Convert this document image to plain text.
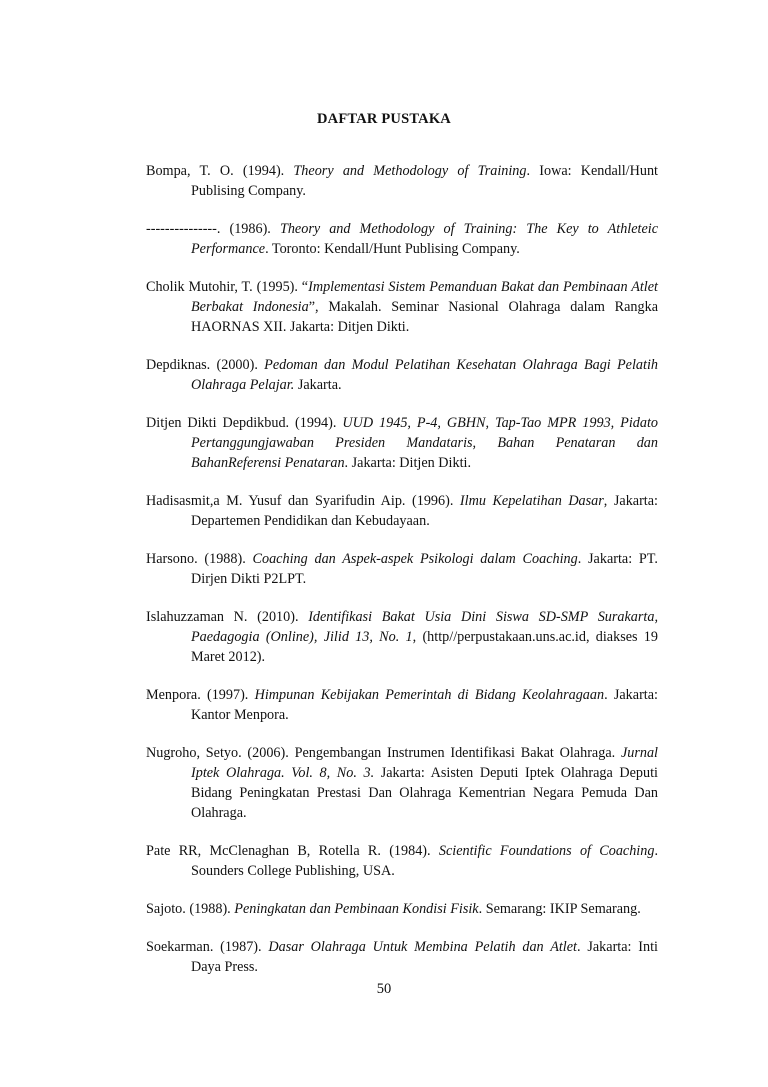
DAFTAR PUSTAKA

Bompa, T. O. (1994). Theory and Methodology of Training. Iowa: Kendall/Hunt Publising Company.

---------------. (1986). Theory and Methodology of Training: The Key to Athleteic Performance. Toronto: Kendall/Hunt Publising Company.

Cholik Mutohir, T. (1995). “Implementasi Sistem Pemanduan Bakat dan Pembinaan Atlet Berbakat Indonesia”, Makalah. Seminar Nasional Olahraga dalam Rangka HAORNAS XII. Jakarta: Ditjen Dikti.

Depdiknas. (2000). Pedoman dan Modul Pelatihan Kesehatan Olahraga Bagi Pelatih Olahraga Pelajar. Jakarta.

Ditjen Dikti Depdikbud. (1994). UUD 1945, P-4, GBHN, Tap-Tao MPR 1993, Pidato Pertanggungjawaban Presiden Mandataris, Bahan Penataran dan BahanReferensi Penataran. Jakarta: Ditjen Dikti.

Hadisasmit,a M. Yusuf dan Syarifudin Aip. (1996). Ilmu Kepelatihan Dasar, Jakarta: Departemen Pendidikan dan Kebudayaan.

Harsono. (1988). Coaching dan Aspek-aspek Psikologi dalam Coaching. Jakarta: PT. Dirjen Dikti P2LPT.

Islahuzzaman N. (2010). Identifikasi Bakat Usia Dini Siswa SD-SMP Surakarta, Paedagogia (Online), Jilid 13, No. 1, (http//perpustakaan.uns.ac.id, diakses 19 Maret 2012).

Menpora. (1997). Himpunan Kebijakan Pemerintah di Bidang Keolahragaan. Jakarta: Kantor Menpora.

Nugroho, Setyo. (2006). Pengembangan Instrumen Identifikasi Bakat Olahraga. Jurnal Iptek Olahraga. Vol. 8, No. 3. Jakarta: Asisten Deputi Iptek Olahraga Deputi Bidang Peningkatan Prestasi Dan Olahraga Kementrian Negara Pemuda Dan Olahraga.

Pate RR, McClenaghan B, Rotella R. (1984). Scientific Foundations of Coaching. Sounders College Publishing, USA.

Sajoto. (1988). Peningkatan dan Pembinaan Kondisi Fisik. Semarang: IKIP Semarang.

Soekarman. (1987). Dasar Olahraga Untuk Membina Pelatih dan Atlet. Jakarta: Inti Daya Press.

50
